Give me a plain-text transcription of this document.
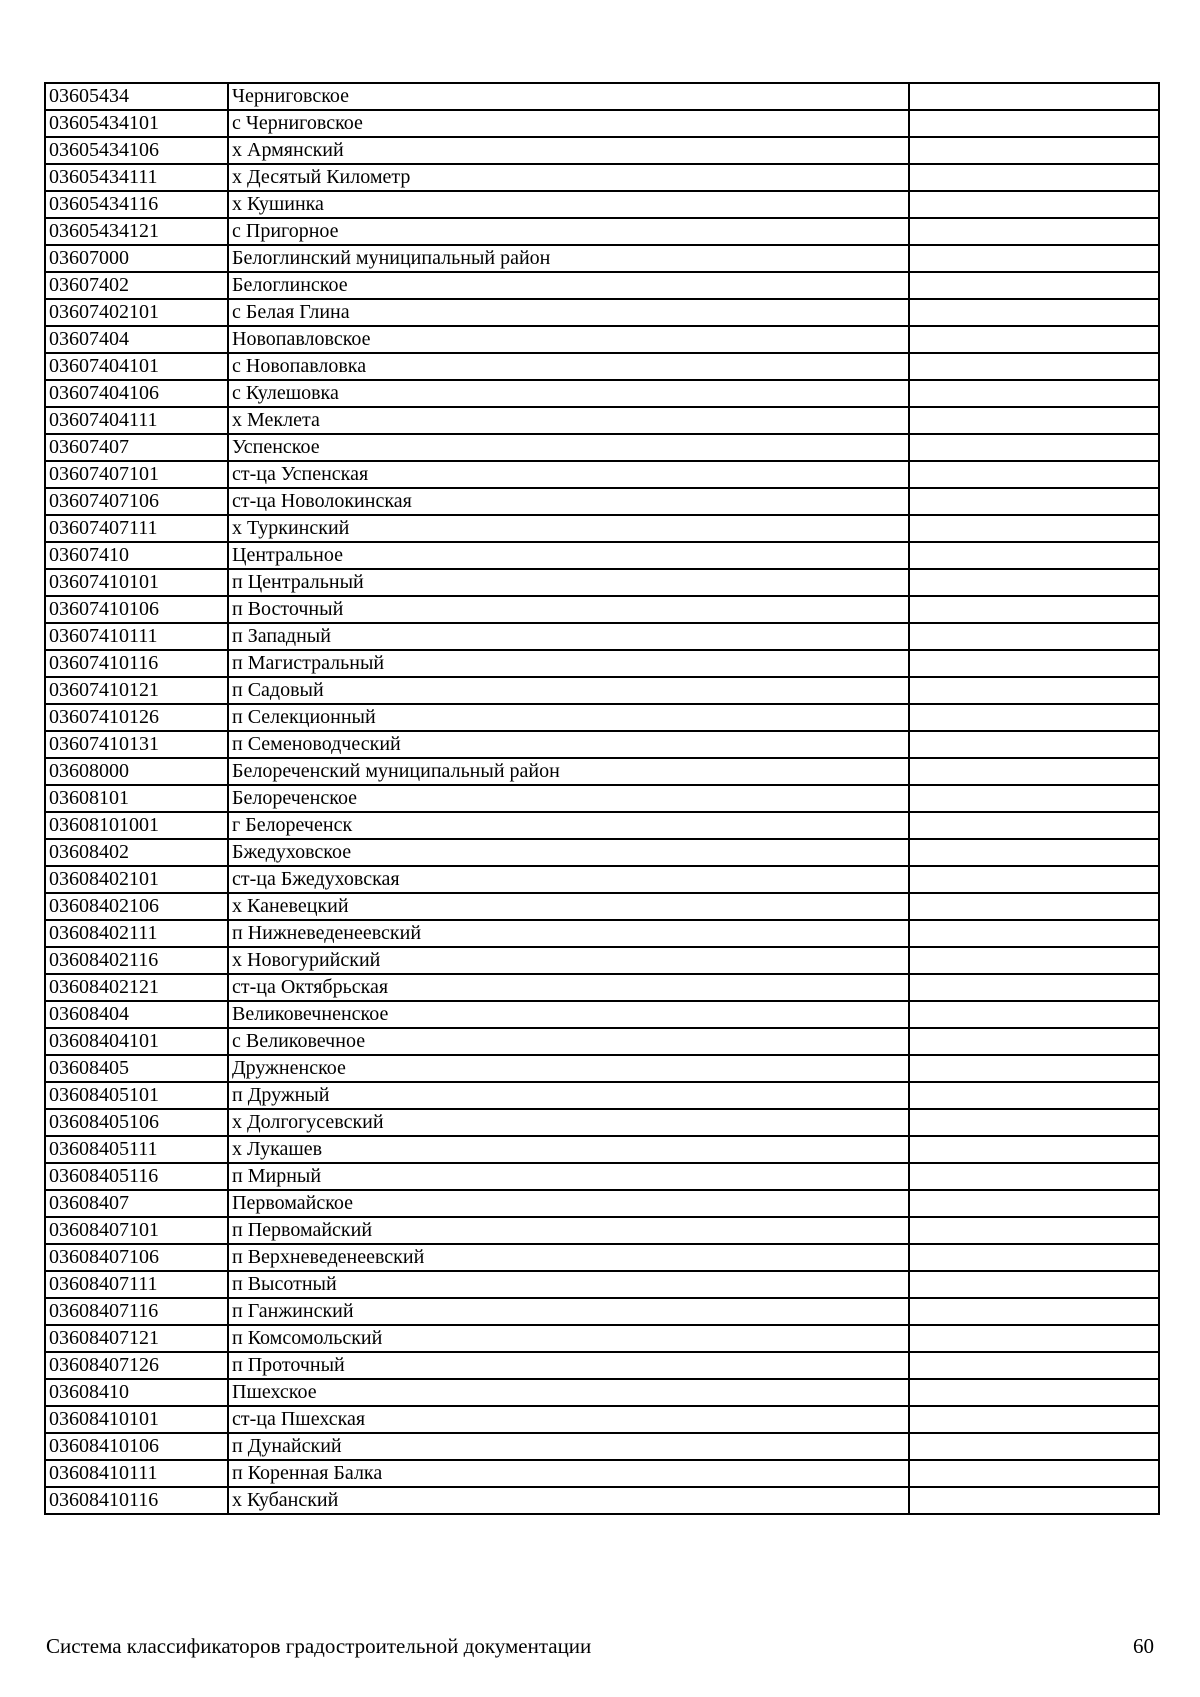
03605434	Черниговское	
03605434101	с Черниговское	
03605434106	х Армянский	
03605434111	х Десятый Километр	
03605434116	х Кушинка	
03605434121	с Пригорное	
03607000	Белоглинский муниципальный район	
03607402	Белоглинское	
03607402101	с Белая Глина	
03607404	Новопавловское	
03607404101	с Новопавловка	
03607404106	с Кулешовка	
03607404111	х Меклета	
03607407	Успенское	
03607407101	ст-ца Успенская	
03607407106	ст-ца Новолокинская	
03607407111	х Туркинский	
03607410	Центральное	
03607410101	п Центральный	
03607410106	п Восточный	
03607410111	п Западный	
03607410116	п Магистральный	
03607410121	п Садовый	
03607410126	п Селекционный	
03607410131	п Семеноводческий	
03608000	Белореченский муниципальный район	
03608101	Белореченское	
03608101001	г Белореченск	
03608402	Бжедуховское	
03608402101	ст-ца Бжедуховская	
03608402106	х Каневецкий	
03608402111	п Нижневеденеевский	
03608402116	х Новогурийский	
03608402121	ст-ца Октябрьская	
03608404	Великовечненское	
03608404101	с Великовечное	
03608405	Дружненское	
03608405101	п Дружный	
03608405106	х Долгогусевский	
03608405111	х Лукашев	
03608405116	п Мирный	
03608407	Первомайское	
03608407101	п Первомайский	
03608407106	п Верхневеденеевский	
03608407111	п Высотный	
03608407116	п Ганжинский	
03608407121	п Комсомольский	
03608407126	п Проточный	
03608410	Пшехское	
03608410101	ст-ца Пшехская	
03608410106	п Дунайский	
03608410111	п Коренная Балка	
03608410116	х Кубанский	
Система классификаторов градостроительной документации	60
